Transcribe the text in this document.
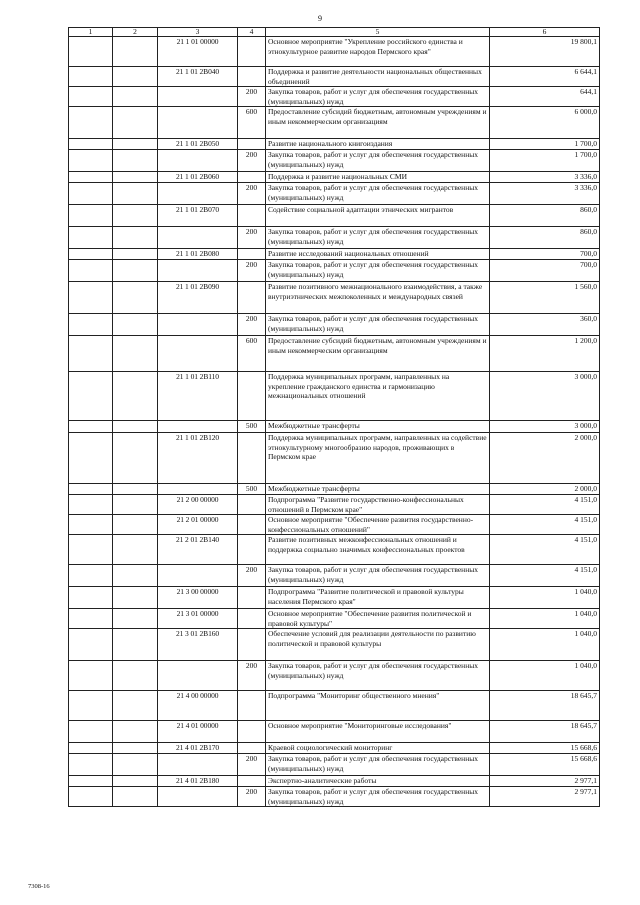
9
1	2	3	4	5	6
		21 1 01 00000		Основное мероприятие "Укрепление российского единства и этнокультурное развитие народов Пермского края"	19 800,1
		21 1 01 2В040		Поддержка и развитие деятельности национальных общественных объединений	6 644,1
			200	Закупка товаров, работ и услуг для обеспечения государственных (муниципальных) нужд	644,1
			600	Предоставление субсидий бюджетным, автономным учреждениям и иным некоммерческим организациям	6 000,0
		21 1 01 2В050		Развитие национального книгоиздания	1 700,0
			200	Закупка товаров, работ и услуг для обеспечения государственных (муниципальных) нужд	1 700,0
		21 1 01 2В060		Поддержка и развитие национальных СМИ	3 336,0
			200	Закупка товаров, работ и услуг для обеспечения государственных (муниципальных) нужд	3 336,0
		21 1 01 2В070		Содействие социальной адаптации этнических мигрантов	860,0
			200	Закупка товаров, работ и услуг для обеспечения государственных (муниципальных) нужд	860,0
		21 1 01 2В080		Развитие исследований национальных отношений	700,0
			200	Закупка товаров, работ и услуг для обеспечения государственных (муниципальных) нужд	700,0
		21 1 01 2В090		Развитие позитивного межнационального взаимодействия, а также внутриэтнических межпоколенных и международных связей	1 560,0
			200	Закупка товаров, работ и услуг для обеспечения государственных (муниципальных) нужд	360,0
			600	Предоставление субсидий бюджетным, автономным учреждениям и иным некоммерческим организациям	1 200,0
		21 1 01 2В110		Поддержка муниципальных программ, направленных на укрепление гражданского единства и гармонизацию межнациональных отношений	3 000,0
			500	Межбюджетные трансферты	3 000,0
		21 1 01 2В120		Поддержка муниципальных программ, направленных на содействие этнокультурному многообразию народов, проживающих в Пермском крае	2 000,0
			500	Межбюджетные трансферты	2 000,0
		21 2 00 00000		Подпрограмма "Развитие государственно-конфессиональных отношений в Пермском крае"	4 151,0
		21 2 01 00000		Основное мероприятие "Обеспечение развития государственно-конфессиональных отношений"	4 151,0
		21 2 01 2В140		Развитие позитивных межконфессиональных отношений и поддержка социально значимых конфессиональных проектов	4 151,0
			200	Закупка товаров, работ и услуг для обеспечения государственных (муниципальных) нужд	4 151,0
		21 3 00 00000		Подпрограмма "Развитие политической и правовой культуры населения Пермского края"	1 040,0
		21 3 01 00000		Основное мероприятие "Обеспечение развития политической и правовой культуры"	1 040,0
		21 3 01 2В160		Обеспечение условий для реализации деятельности по развитию политической и правовой культуры	1 040,0
			200	Закупка товаров, работ и услуг для обеспечения государственных (муниципальных) нужд	1 040,0
		21 4 00 00000		Подпрограмма "Мониторинг общественного мнения"	18 645,7
		21 4 01 00000		Основное мероприятие "Мониторинговые исследования"	18 645,7
		21 4 01 2В170		Краевой социологический мониторинг	15 668,6
			200	Закупка товаров, работ и услуг для обеспечения государственных (муниципальных) нужд	15 668,6
		21 4 01 2В180		Экспертно-аналитические работы	2 977,1
			200	Закупка товаров, работ и услуг для обеспечения государственных (муниципальных) нужд	2 977,1
7308-16
